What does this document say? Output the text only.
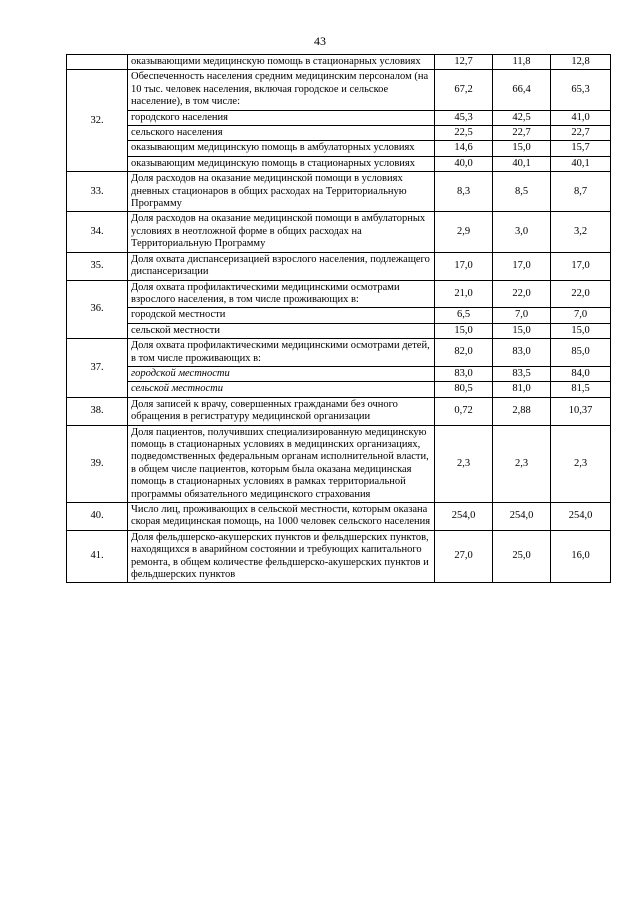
43
	оказывающими медицинскую помощь в стационарных условиях	12,7	11,8	12,8
32.	Обеспеченность населения средним медицинским персоналом (на 10 тыс. человек населения, включая городское и сельское население), в том числе:	67,2	66,4	65,3
	городского населения	45,3	42,5	41,0
	сельского населения	22,5	22,7	22,7
	оказывающим медицинскую помощь в амбулаторных условиях	14,6	15,0	15,7
	оказывающим медицинскую помощь в стационарных условиях	40,0	40,1	40,1
33.	Доля расходов на оказание медицинской помощи в условиях дневных стационаров в общих расходах на Территориальную Программу	8,3	8,5	8,7
34.	Доля расходов на оказание медицинской помощи в амбулаторных условиях в неотложной форме в общих расходах на Территориальную Программу	2,9	3,0	3,2
35.	Доля охвата диспансеризацией взрослого населения, подлежащего диспансеризации	17,0	17,0	17,0
36.	Доля охвата профилактическими медицинскими осмотрами взрослого населения, в том числе проживающих в:	21,0	22,0	22,0
	городской местности	6,5	7,0	7,0
	сельской местности	15,0	15,0	15,0
37.	Доля охвата профилактическими медицинскими осмотрами детей, в том числе проживающих в:	82,0	83,0	85,0
	городской местности	83,0	83,5	84,0
	сельской местности	80,5	81,0	81,5
38.	Доля записей к врачу, совершенных гражданами без очного обращения в регистратуру медицинской организации	0,72	2,88	10,37
39.	Доля пациентов, получивших специализированную медицинскую помощь в стационарных условиях в медицинских организациях, подведомственных федеральным органам исполнительной власти, в общем числе пациентов, которым была оказана медицинская помощь в стационарных условиях в рамках территориальной программы обязательного медицинского страхования	2,3	2,3	2,3
40.	Число лиц, проживающих в сельской местности, которым оказана скорая медицинская помощь, на 1000 человек сельского населения	254,0	254,0	254,0
41.	Доля фельдшерско-акушерских пунктов и фельдшерских пунктов, находящихся в аварийном состоянии и требующих капитального ремонта, в общем количестве фельдшерско-акушерских пунктов и фельдшерских пунктов	27,0	25,0	16,0
